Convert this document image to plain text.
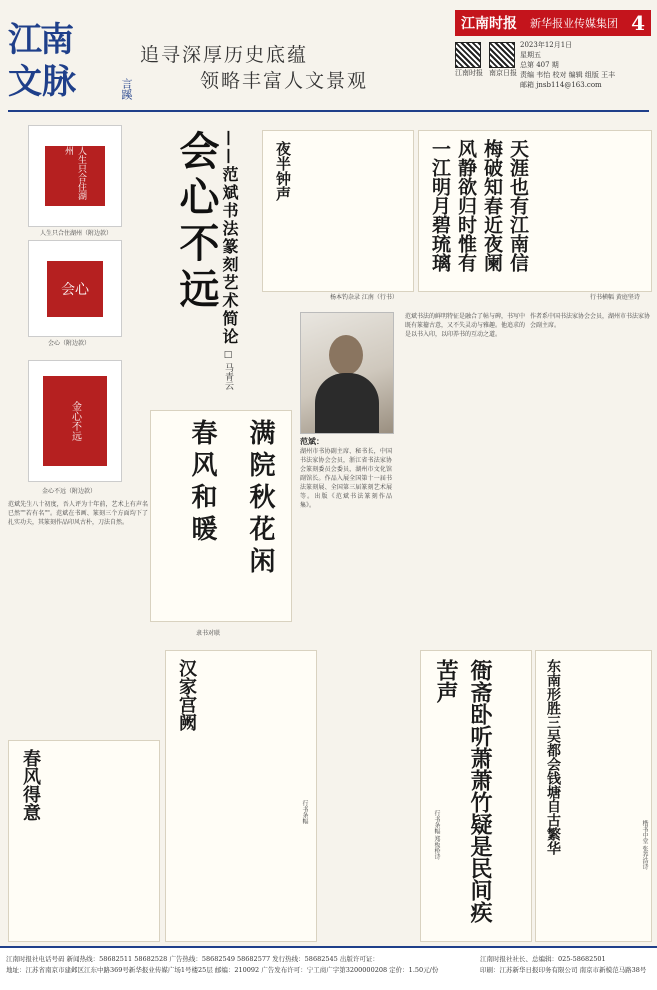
江南
文脉	言蹊
追寻深厚历史底蕴
领略丰富人文景观
江南时报 新华报业传媒集团 4
江南时报 南京日报
2023年12月1日
星期五
总第 407 期
责编 韦怡 校对 编辑 组版 王丰
邮箱 jnsb114@163.com
人生只合住湖州
人生只合住湖州（附边款）
会心
会心（附边款）
金心不远
金心不远（附边款）
会心不远 ——范斌书法篆刻艺术简论
□ 马青云
夜半钟声
杨本钓杂录 江南（行书）
天涯也有江南信梅破知春近夜阑风静欲归时惟有一江明月碧琉璃
行书横幅 黄庭坚诗
范斌：
湖州市书协副主席、秘书长，中国书法家协会会员，浙江省书法家协会篆刻委员会委员，湖州市文化馆副馆长。作品入展全国第十一届书法篆刻展、全国第三届篆刻艺术展等。出版《范斌书法篆刻作品集》。
满院秋花闲
春风和暖
隶书对联
范斌先生八十初度，吾人评为十年前，艺术上有声名已然""若有名""。范斌在书画、篆刻三个方面均下了扎实功夫，其篆刻作品印风古朴，刀法自然。
范斌书法的鲜明特征是融合了帖与碑，书写中既有篆籀古意，又不失灵动与雅趣。他追求的是以书入印，以印养书的互动之道。
作者系中国书法家协会会员，湖州市书法家协会副主席。
春风得意
汉家宫阙
行书条幅	衙斋卧听萧萧竹疑是民间疾苦声
行书条幅 郑板桥诗	东南形胜三吴都会钱塘自古繁华	楷书中堂 张养浩诗
江南时报社电话号码 新闻热线：58682511 58682528 广告热线：58682549 58682577 发行热线：58682545 出版许可证：
地址：江苏省南京市建邺区江东中路369号新华报业传媒广场1号楼25层 邮编：210092 广告发布许可：宁工商广字第3200000208 定价：1.50元/份
江南时报社社长、总编辑：025-58682501
印刷：江苏新华日报印务有限公司 南京市新模范马路38号
